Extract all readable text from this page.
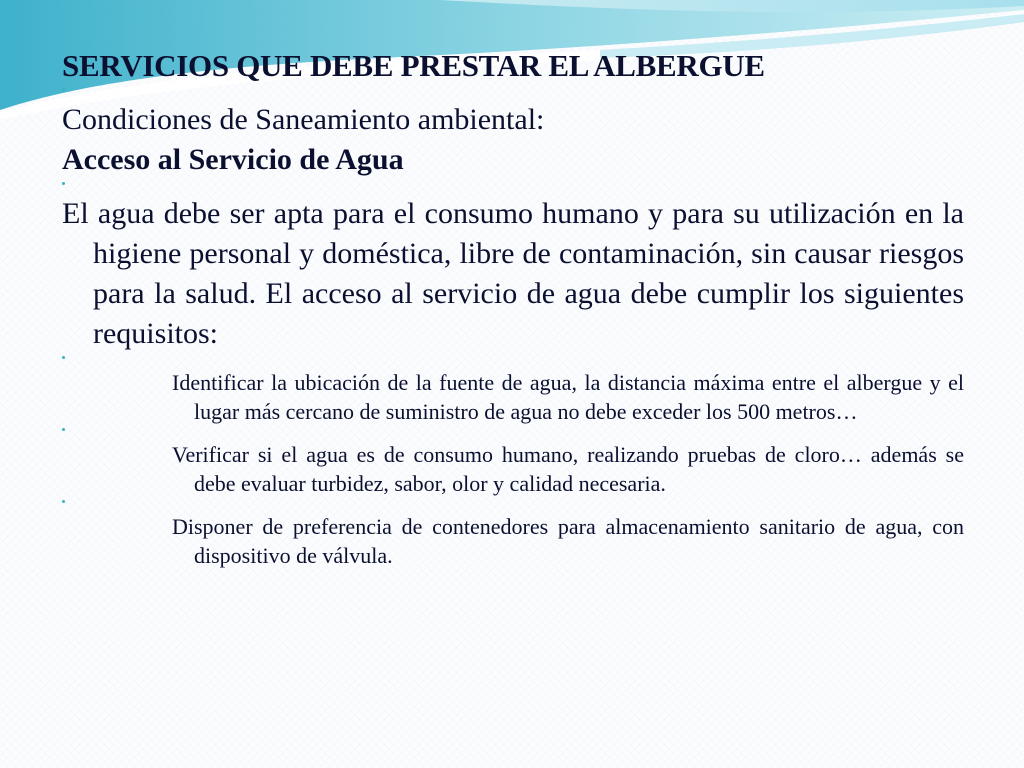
SERVICIOS QUE DEBE PRESTAR EL ALBERGUE

Condiciones de Saneamiento ambiental:

Acceso al Servicio de Agua

El agua debe ser apta para el consumo humano y para su utilización en la higiene personal y doméstica, libre de contaminación, sin causar riesgos para la salud. El acceso al servicio de agua debe cumplir los siguientes requisitos:

Identificar la ubicación de la fuente de agua, la distancia máxima entre el albergue y el lugar más cercano de suministro de agua no debe exceder los 500 metros…

Verificar si el agua es de consumo humano, realizando pruebas de cloro… además se debe evaluar turbidez, sabor, olor y calidad necesaria.

Disponer de preferencia de contenedores para almacenamiento sanitario de agua, con dispositivo de válvula.
